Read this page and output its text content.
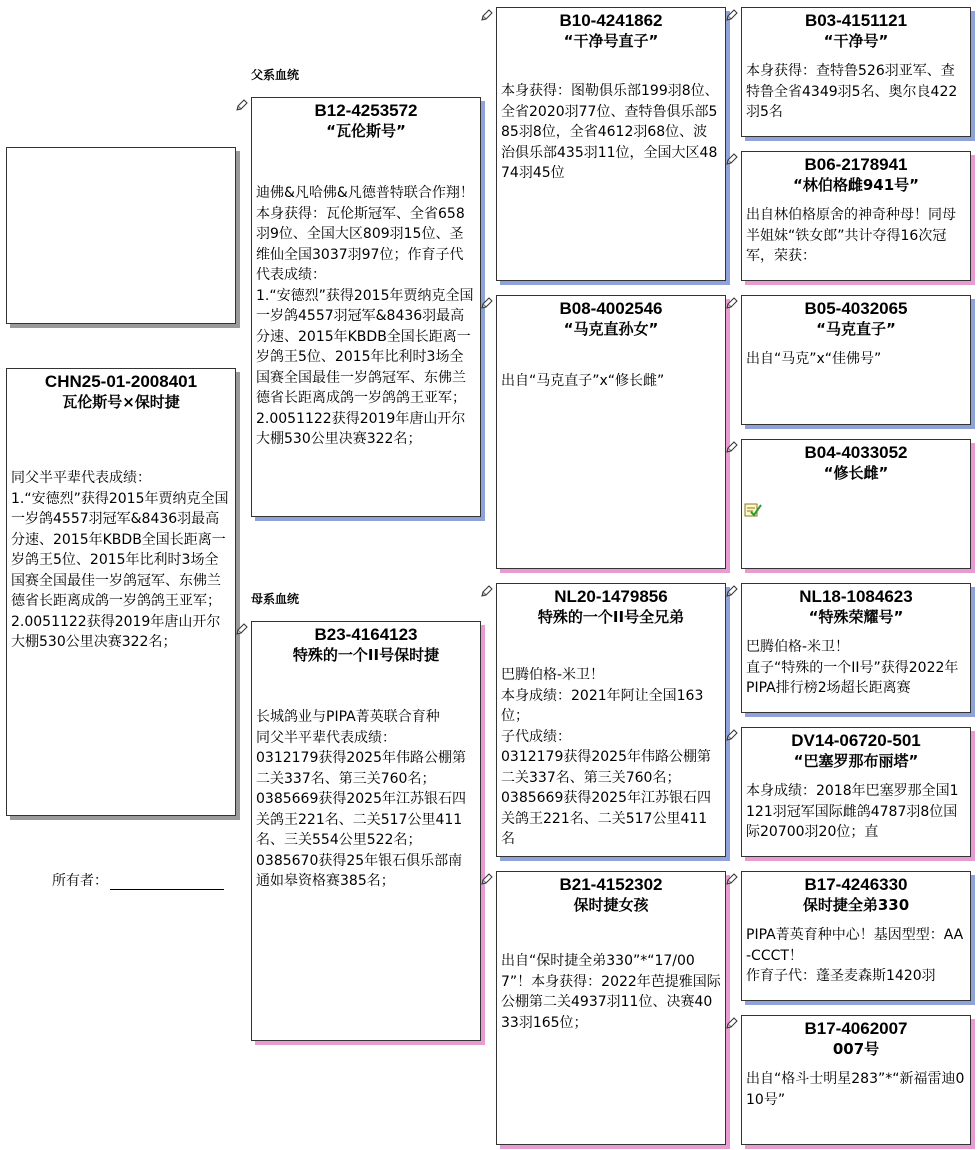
CHN25-01-2008401
瓦伦斯号×保时捷
同父半平辈代表成绩：
1.“安德烈”获得2015年贾纳克全国一岁鸽4557羽冠军&8436羽最高分速、2015年KBDB全国长距离一岁鸽王5位、2015年比利时3场全国赛全国最佳一岁鸽冠军、东佛兰德省长距离成鸽一岁鸽鸽王亚军；
2.0051122获得2019年唐山开尔大棚530公里决赛322名；
所有者：
父系血统
母系血统
B12-4253572
“瓦伦斯号”
迪佛&凡哈佛&凡德普特联合作翔！本身获得：瓦伦斯冠军、全省658羽9位、全国大区809羽15位、圣维仙全国3037羽97位；作育子代代表成绩：
1.“安德烈”获得2015年贾纳克全国一岁鸽4557羽冠军&8436羽最高分速、2015年KBDB全国长距离一岁鸽王5位、2015年比利时3场全国赛全国最佳一岁鸽冠军、东佛兰德省长距离成鸽一岁鸽鸽王亚军；
2.0051122获得2019年唐山开尔大棚530公里决赛322名；
B23-4164123
特殊的一个II号保时捷
长城鸽业与PIPA菁英联合育种
同父半平辈代表成绩：
0312179获得2025年伟路公棚第二关337名、第三关760名；
0385669获得2025年江苏银石四关鸽王221名、二关517公里411名、三关554公里522名；
0385670获得25年银石俱乐部南通如皋资格赛385名；
B10-4241862
“干净号直子”
本身获得：图勒俱乐部199羽8位、全省2020羽77位、查特鲁俱乐部585羽8位，全省4612羽68位、波治俱乐部435羽11位，全国大区4874羽45位
B08-4002546
“马克直孙女”
出自“马克直子”x“修长雌”
NL20-1479856
特殊的一个II号全兄弟
巴腾伯格-米卫！
本身成绩：2021年阿让全国163位；
子代成绩：
0312179获得2025年伟路公棚第二关337名、第三关760名；
0385669获得2025年江苏银石四关鸽王221名、二关517公里411名
B21-4152302
保时捷女孩
出自“保时捷全弟330”*“17/007”！本身获得：2022年芭提雅国际公棚第二关4937羽11位、决赛4033羽165位；
B03-4151121
“干净号”
本身获得：查特鲁526羽亚军、查特鲁全省4349羽5名、奥尔良422羽5名
B06-2178941
“林伯格雌941号”
出自林伯格原舍的神奇种母！同母半姐妹“铁女郎”共计夺得16次冠军，荣获：
B05-4032065
“马克直子”
出自“马克”x“佳佛号”
B04-4033052
“修长雌”
NL18-1084623
“特殊荣耀号”
巴腾伯格-米卫！
直子“特殊的一个II号”获得2022年PIPA排行榜2场超长距离赛
DV14-06720-501
“巴塞罗那布丽塔”
本身成绩：2018年巴塞罗那全国1121羽冠军国际雌鸽4787羽8位国际20700羽20位；直
B17-4246330
保时捷全弟330
PIPA菁英育种中心！基因型型：AA-CCCT！
作育子代：蓬圣麦森斯1420羽
B17-4062007
007号
出自“格斗士明星283”*“新福雷迪010号”
